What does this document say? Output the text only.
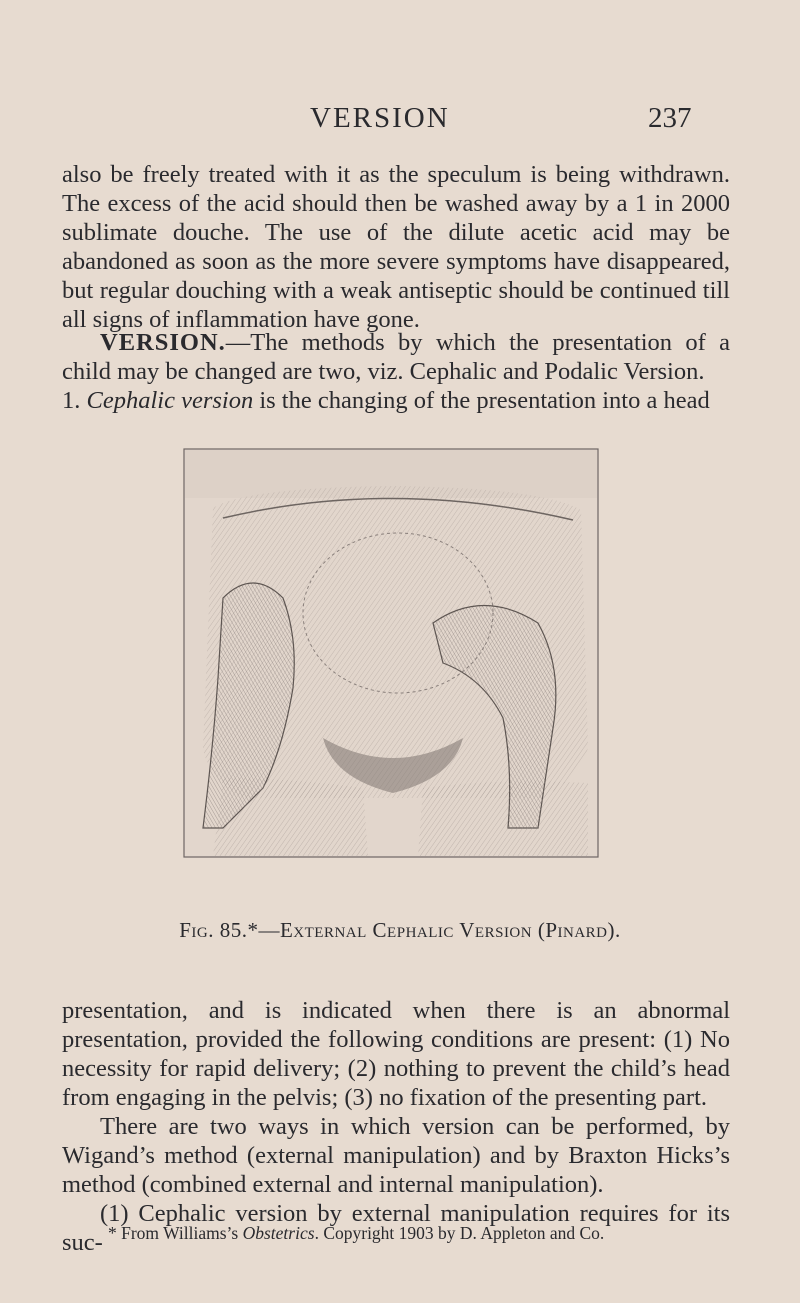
VERSION	237

also be freely treated with it as the speculum is being withdrawn. The excess of the acid should then be washed away by a 1 in 2000 sublimate douche. The use of the dilute acetic acid may be abandoned as soon as the more severe symptoms have disappeared, but regular douching with a weak antiseptic should be continued till all signs of inflammation have gone.

VERSION.—The methods by which the presentation of a child may be changed are two, viz. Cephalic and Podalic Version.
1. Cephalic version is the changing of the presentation into a head

Fig. 85.*—External Cephalic Version (Pinard).

presentation, and is indicated when there is an abnormal presentation, provided the following conditions are present: (1) No necessity for rapid delivery; (2) nothing to prevent the child’s head from engaging in the pelvis; (3) no fixation of the presenting part.

There are two ways in which version can be performed, by Wigand’s method (external manipulation) and by Braxton Hicks’s method (combined external and internal manipulation).

(1) Cephalic version by external manipulation requires for its suc- * From Williams’s Obstetrics. Copyright 1903 by D. Appleton and Co.
